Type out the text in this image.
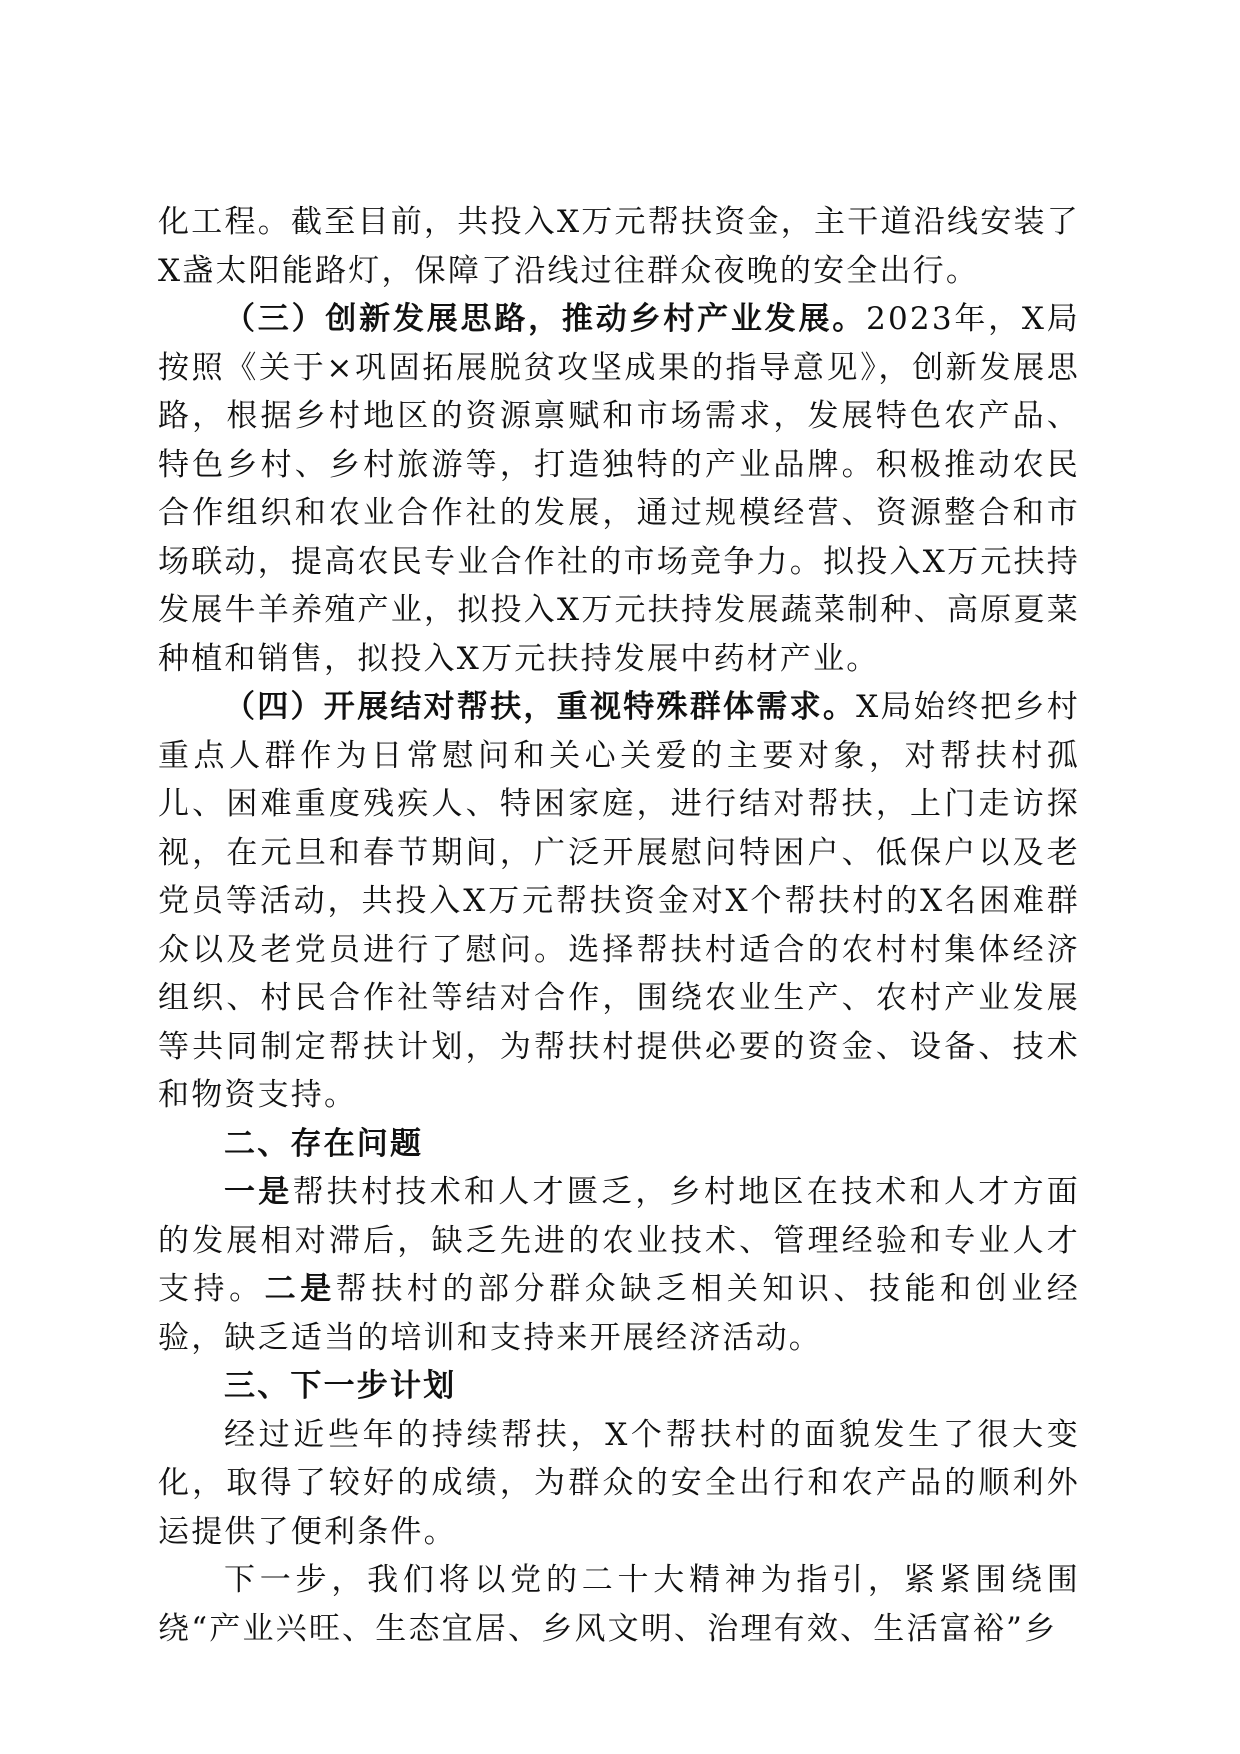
化工程。截至目前，共投入X万元帮扶资金，主干道沿线安装了X盏太阳能路灯，保障了沿线过往群众夜晚的安全出行。

（三）创新发展思路，推动乡村产业发展。2023年，X局按照《关于×巩固拓展脱贫攻坚成果的指导意见》，创新发展思路，根据乡村地区的资源禀赋和市场需求，发展特色农产品、特色乡村、乡村旅游等，打造独特的产业品牌。积极推动农民合作组织和农业合作社的发展，通过规模经营、资源整合和市场联动，提高农民专业合作社的市场竞争力。拟投入X万元扶持发展牛羊养殖产业，拟投入X万元扶持发展蔬菜制种、高原夏菜种植和销售，拟投入X万元扶持发展中药材产业。

（四）开展结对帮扶，重视特殊群体需求。X局始终把乡村重点人群作为日常慰问和关心关爱的主要对象，对帮扶村孤儿、困难重度残疾人、特困家庭，进行结对帮扶，上门走访探视，在元旦和春节期间，广泛开展慰问特困户、低保户以及老党员等活动，共投入X万元帮扶资金对X个帮扶村的X名困难群众以及老党员进行了慰问。选择帮扶村适合的农村村集体经济组织、村民合作社等结对合作，围绕农业生产、农村产业发展等共同制定帮扶计划，为帮扶村提供必要的资金、设备、技术和物资支持。

二、存在问题

一是帮扶村技术和人才匮乏，乡村地区在技术和人才方面的发展相对滞后，缺乏先进的农业技术、管理经验和专业人才支持。二是帮扶村的部分群众缺乏相关知识、技能和创业经验，缺乏适当的培训和支持来开展经济活动。

三、下一步计划

经过近些年的持续帮扶，X个帮扶村的面貌发生了很大变化，取得了较好的成绩，为群众的安全出行和农产品的顺利外运提供了便利条件。

下一步，我们将以党的二十大精神为指引，紧紧围绕围绕“产业兴旺、生态宜居、乡风文明、治理有效、生活富裕”乡
